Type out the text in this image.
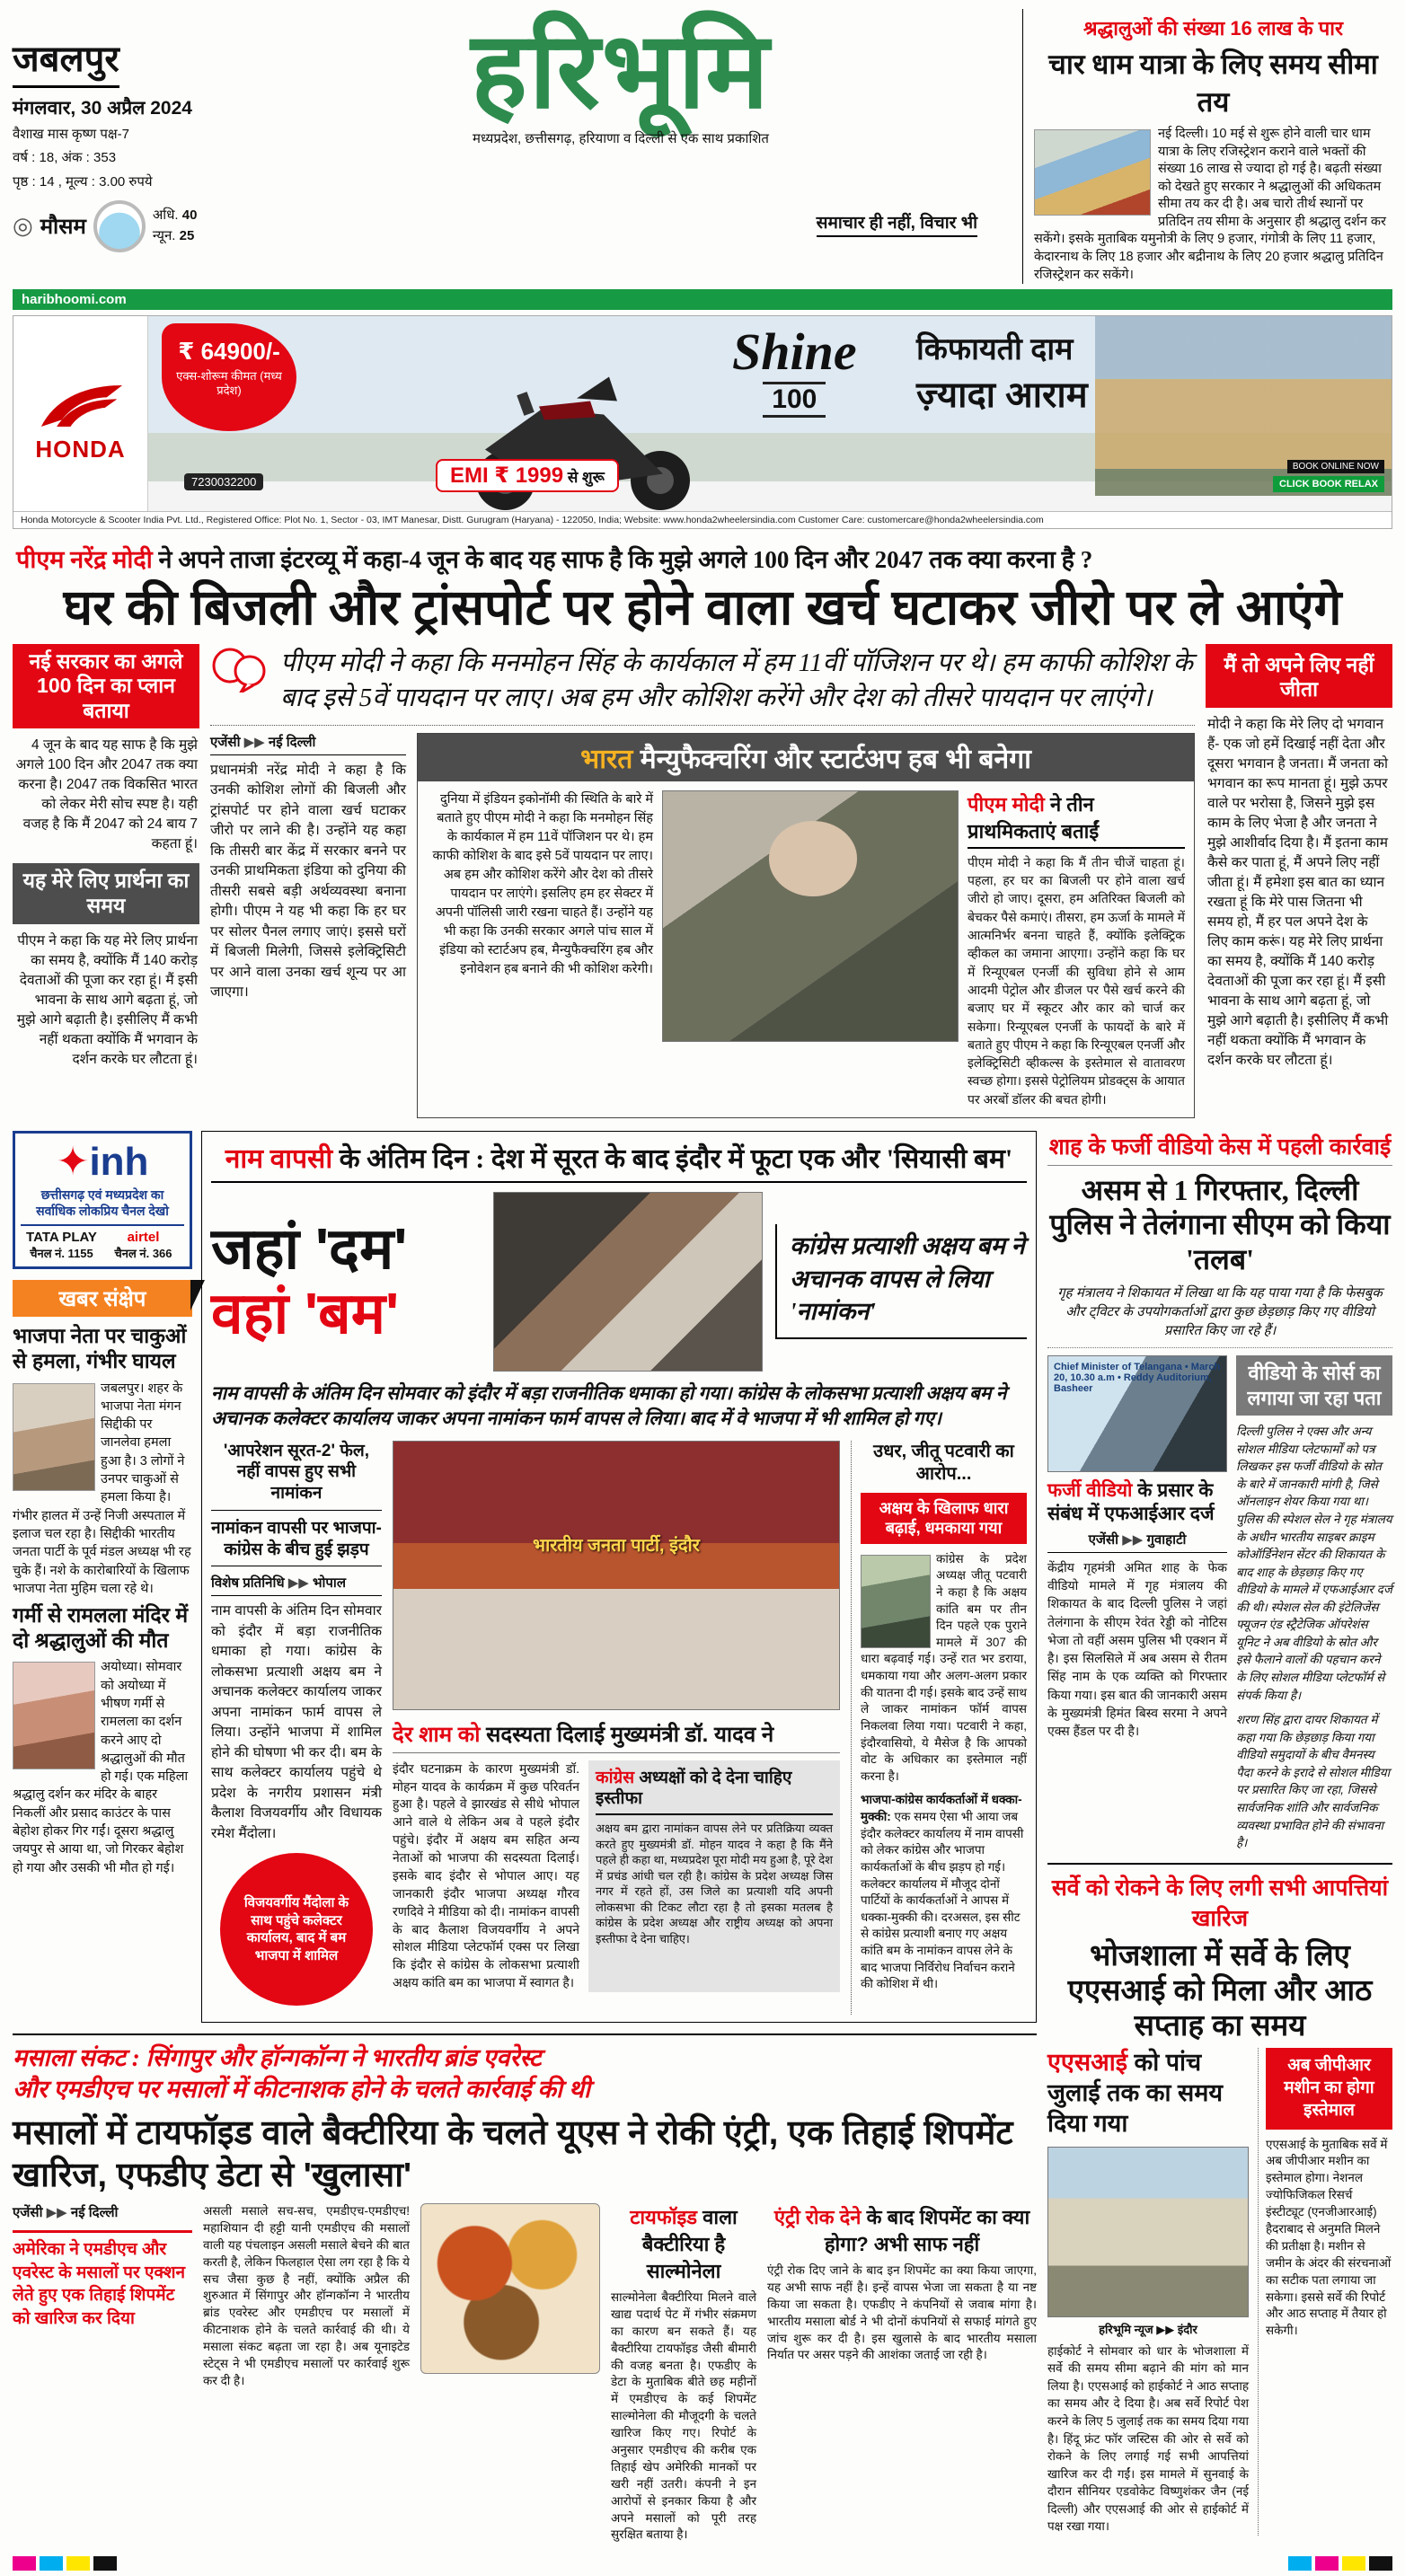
जबलपुर
मंगलवार, 30 अप्रैल 2024
वैशाख मास कृष्ण पक्ष-7
वर्ष : 18, अंक : 353
पृष्ठ : 14 , मूल्य : 3.00 रुपये
◎ मौसम	अधि. 40
न्यून. 25
हरिभूमि
समाचार ही नहीं, विचार भी
मध्यप्रदेश, छत्तीसगढ़, हरियाणा व दिल्ली से एक साथ प्रकाशित
श्रद्धालुओं की संख्या 16 लाख के पार
चार धाम यात्रा के लिए समय सीमा तय

नई दिल्ली। 10 मई से शुरू होने वाली चार धाम यात्रा के लिए रजिस्ट्रेशन कराने वाले भक्तों की संख्या 16 लाख से ज्यादा हो गई है। बढ़ती संख्या को देखते हुए सरकार ने श्रद्धालुओं की अधिकतम सीमा तय कर दी है। अब चारो तीर्थ स्थानों पर प्रतिदिन तय सीमा के अनुसार ही श्रद्धालु दर्शन कर सकेंगे। इसके मुताबिक यमुनोत्री के लिए 9 हजार, गंगोत्री के लिए 11 हजार, केदारनाथ के लिए 18 हजार और बद्रीनाथ के लिए 20 हजार श्रद्धालु प्रतिदिन रजिस्ट्रेशन कर सकेंगे।

haribhoomi.com
HONDA
₹ 64900/-
एक्स-शोरूम कीमत (मध्य प्रदेश)
Shine
100
किफायती दाम
ज़्यादा आराम
7230032200	EMI ₹ 1999 से शुरू
BOOK ONLINE NOW
CLICK BOOK RELAX
Honda Motorcycle & Scooter India Pvt. Ltd., Registered Office: Plot No. 1, Sector - 03, IMT Manesar, Distt. Gurugram (Haryana) - 122050, India; Website: www.honda2wheelersindia.com Customer Care: customercare@honda2wheelersindia.com
पीएम नरेंद्र मोदी ने अपने ताजा इंटरव्यू में कहा-4 जून के बाद यह साफ है कि मुझे अगले 100 दिन और 2047 तक क्या करना है ?
घर की बिजली और ट्रांसपोर्ट पर होने वाला खर्च घटाकर जीरो पर ले आएंगे
नई सरकार का अगले 100 दिन का प्लान बताया

4 जून के बाद यह साफ है कि मुझे अगले 100 दिन और 2047 तक क्या करना है। 2047 तक विकसित भारत को लेकर मेरी सोच स्पष्ट है। यही वजह है कि मैं 2047 को 24 बाय 7 कहता हूं।

यह मेरे लिए प्रार्थना का समय

पीएम ने कहा कि यह मेरे लिए प्रार्थना का समय है, क्योंकि मैं 140 करोड़ देवताओं की पूजा कर रहा हूं। मैं इसी भावना के साथ आगे बढ़ता हूं, जो मुझे आगे बढ़ाती है। इसीलिए मैं कभी नहीं थकता क्योंकि मैं भगवान के दर्शन करके घर लौटता हूं।

पीएम मोदी ने कहा कि मनमोहन सिंह के कार्यकाल में हम 11वीं पॉजिशन पर थे। हम काफी कोशिश के बाद इसे 5वें पायदान पर लाए। अब हम और कोशिश करेंगे और देश को तीसरे पायदान पर लाएंगे।
एजेंसी ▶▶ नई दिल्ली

प्रधानमंत्री नरेंद्र मोदी ने कहा है कि उनकी कोशिश लोगों की बिजली और ट्रांसपोर्ट पर होने वाला खर्च घटाकर जीरो पर लाने की है। उन्होंने यह कहा कि तीसरी बार केंद्र में सरकार बनने पर उनकी प्राथमिकता इंडिया को दुनिया की तीसरी सबसे बड़ी अर्थव्यवस्था बनाना होगी। पीएम ने यह भी कहा कि हर घर पर सोलर पैनल लगाए जाएं। इससे घरों में बिजली मिलेगी, जिससे इलेक्ट्रिसिटी पर आने वाला उनका खर्च शून्य पर आ जाएगा।

भारत मैन्युफैक्चरिंग और स्टार्टअप हब भी बनेगा

दुनिया में इंडियन इकोनॉमी की स्थिति के बारे में बताते हुए पीएम मोदी ने कहा कि मनमोहन सिंह के कार्यकाल में हम 11वें पॉजिशन पर थे। हम काफी कोशिश के बाद इसे 5वें पायदान पर लाए। अब हम और कोशिश करेंगे और देश को तीसरे पायदान पर लाएंगे। इसलिए हम हर सेक्टर में अपनी पॉलिसी जारी रखना चाहते हैं। उन्होंने यह भी कहा कि उनकी सरकार अगले पांच साल में इंडिया को स्टार्टअप हब, मैन्युफैक्चरिंग हब और इनोवेशन हब बनाने की भी कोशिश करेगी।

पीएम मोदी ने तीन प्राथमिकताएं बताईं

पीएम मोदी ने कहा कि मैं तीन चीजें चाहता हूं। पहला, हर घर का बिजली पर होने वाला खर्च जीरो हो जाए। दूसरा, हम अतिरिक्त बिजली को बेचकर पैसे कमाएं। तीसरा, हम ऊर्जा के मामले में आत्मनिर्भर बनना चाहते हैं, क्योंकि इलेक्ट्रिक व्हीकल का जमाना आएगा। उन्होंने कहा कि घर में रिन्यूएबल एनर्जी की सुविधा होने से आम आदमी पेट्रोल और डीजल पर पैसे खर्च करने की बजाए घर में स्कूटर और कार को चार्ज कर सकेगा। रिन्यूएबल एनर्जी के फायदों के बारे में बताते हुए पीएम ने कहा कि रिन्यूएबल एनर्जी और इलेक्ट्रिसिटी व्हीकल्स के इस्तेमाल से वातावरण स्वच्छ होगा। इससे पेट्रोलियम प्रोडक्ट्स के आयात पर अरबों डॉलर की बचत होगी।

मैं तो अपने लिए नहीं जीता

मोदी ने कहा कि मेरे लिए दो भगवान हैं- एक जो हमें दिखाई नहीं देता और दूसरा भगवान है जनता। मैं जनता को भगवान का रूप मानता हूं। मुझे ऊपर वाले पर भरोसा है, जिसने मुझे इस काम के लिए भेजा है और जनता ने मुझे आशीर्वाद दिया है। मैं इतना काम कैसे कर पाता हूं, मैं अपने लिए नहीं जीता हूं। मैं हमेशा इस बात का ध्यान रखता हूं कि मेरे पास जितना भी समय हो, मैं हर पल अपने देश के लिए काम करूं। यह मेरे लिए प्रार्थना का समय है, क्योंकि मैं 140 करोड़ देवताओं की पूजा कर रहा हूं। मैं इसी भावना के साथ आगे बढ़ता हूं, जो मुझे आगे बढ़ाती है। इसीलिए मैं कभी नहीं थकता क्योंकि मैं भगवान के दर्शन करके घर लौटता हूं।

✦inh
छत्तीसगढ़ एवं मध्यप्रदेश का सर्वाधिक लोकप्रिय चैनल देखो
TATA PLAY
चैनल नं. 1155
airtel
चैनल नं. 366
खबर संक्षेप
भाजपा नेता पर चाकुओं से हमला, गंभीर घायल

जबलपुर। शहर के भाजपा नेता मंगन सिद्दीकी पर जानलेवा हमला हुआ है। 3 लोगों ने उनपर चाकुओं से हमला किया है। गंभीर हालत में उन्हें निजी अस्पताल में इलाज चल रहा है। सिद्दीकी भारतीय जनता पार्टी के पूर्व मंडल अध्यक्ष भी रह चुके हैं। नशे के कारोबारियों के खिलाफ भाजपा नेता मुहिम चला रहे थे।

गर्मी से रामलला मंदिर में दो श्रद्धालुओं की मौत

अयोध्या। सोमवार को अयोध्या में भीषण गर्मी से रामलला का दर्शन करने आए दो श्रद्धालुओं की मौत हो गई। एक महिला श्रद्धालु दर्शन कर मंदिर के बाहर निकलीं और प्रसाद काउंटर के पास बेहोश होकर गिर गईं। दूसरा श्रद्धालु जयपुर से आया था, जो गिरकर बेहोश हो गया और उसकी भी मौत हो गई।

नाम वापसी के अंतिम दिन : देश में सूरत के बाद इंदौर में फूटा एक और 'सियासी बम'
जहां 'दम'
वहां 'बम'
कांग्रेस प्रत्याशी अक्षय बम ने अचानक वापस ले लिया 'नामांकन'

नाम वापसी के अंतिम दिन सोमवार को इंदौर में बड़ा राजनीतिक धमाका हो गया। कांग्रेस के लोकसभा प्रत्याशी अक्षय बम ने अचानक कलेक्टर कार्यालय जाकर अपना नामांकन फार्म वापस ले लिया। बाद में वे भाजपा में भी शामिल हो गए।

'आपरेशन सूरत-2' फेल, नहीं वापस हुए सभी नामांकन
नामांकन वापसी पर भाजपा-कांग्रेस के बीच हुई झड़प
विशेष प्रतिनिधि ▶▶ भोपाल

नाम वापसी के अंतिम दिन सोमवार को इंदौर में बड़ा राजनीतिक धमाका हो गया। कांग्रेस के लोकसभा प्रत्याशी अक्षय बम ने अचानक कलेक्टर कार्यालय जाकर अपना नामांकन फार्म वापस ले लिया। उन्होंने भाजपा में शामिल होने की घोषणा भी कर दी। बम के साथ कलेक्टर कार्यालय पहुंचे थे प्रदेश के नगरीय प्रशासन मंत्री कैलाश विजयवर्गीय और विधायक रमेश मैंदोला।

विजयवर्गीय मैंदोला के साथ पहुंचे कलेक्टर कार्यालय, बाद में बम भाजपा में शामिल
भारतीय जनता पार्टी, इंदौर
देर शाम को सदस्यता दिलाई मुख्यमंत्री डॉ. यादव ने

इंदौर घटनाक्रम के कारण मुख्यमंत्री डॉ. मोहन यादव के कार्यक्रम में कुछ परिवर्तन हुआ है। पहले वे झारखंड से सीधे भोपाल आने वाले थे लेकिन अब वे पहले इंदौर पहुंचे। इंदौर में अक्षय बम सहित अन्य नेताओं को भाजपा की सदस्यता दिलाई। इसके बाद इंदौर से भोपाल आए। यह जानकारी इंदौर भाजपा अध्यक्ष गौरव रणदिवे ने मीडिया को दी। नामांकन वापसी के बाद कैलाश विजयवर्गीय ने अपने सोशल मीडिया प्लेटफॉर्म एक्स पर लिखा कि इंदौर से कांग्रेस के लोकसभा प्रत्याशी अक्षय कांति बम का भाजपा में स्वागत है।

कांग्रेस अध्यक्षों को दे देना चाहिए इस्तीफा

अक्षय बम द्वारा नामांकन वापस लेने पर प्रतिक्रिया व्यक्त करते हुए मुख्यमंत्री डॉ. मोहन यादव ने कहा है कि मैंने पहले ही कहा था, मध्यप्रदेश पूरा मोदी मय हुआ है, पूरे देश में प्रचंड आंधी चल रही है। कांग्रेस के प्रदेश अध्यक्ष जिस नगर में रहते हों, उस जिले का प्रत्याशी यदि अपनी लोकसभा की टिकट लौटा रहा है तो इसका मतलब है कांग्रेस के प्रदेश अध्यक्ष और राष्ट्रीय अध्यक्ष को अपना इस्तीफा दे देना चाहिए।

उधर, जीतू पटवारी का आरोप...
अक्षय के खिलाफ धारा बढ़ाई, धमकाया गया

कांग्रेस के प्रदेश अध्यक्ष जीतू पटवारी ने कहा है कि अक्षय कांति बम पर तीन दिन पहले एक पुराने मामले में 307 की धारा बढ़वाई गई। उन्हें रात भर डराया, धमकाया गया और अलग-अलग प्रकार की यातना दी गई। इसके बाद उन्हें साथ ले जाकर नामांकन फॉर्म वापस निकलवा लिया गया। पटवारी ने कहा, इंदौरवासियो, ये मैसेज है कि आपको वोट के अधिकार का इस्तेमाल नहीं करना है।

भाजपा-कांग्रेस कार्यकर्ताओं में धक्का-मुक्की: एक समय ऐसा भी आया जब इंदौर कलेक्टर कार्यालय में नाम वापसी को लेकर कांग्रेस और भाजपा कार्यकर्ताओं के बीच झड़प हो गई। कलेक्टर कार्यालय में मौजूद दोनों पार्टियों के कार्यकर्ताओं ने आपस में धक्का-मुक्की की। दरअसल, इस सीट से कांग्रेस प्रत्याशी बनाए गए अक्षय कांति बम के नामांकन वापस लेने के बाद भाजपा निर्विरोध निर्वाचन कराने की कोशिश में थी।

मसाला संकट : सिंगापुर और हॉन्गकॉन्ग ने भारतीय ब्रांड एवरेस्ट
और एमडीएच पर मसालों में कीटनाशक होने के चलते कार्रवाई की थी
मसालों में टायफॉइड वाले बैक्टीरिया के चलते यूएस ने रोकी एंट्री, एक तिहाई शिपमेंट खारिज, एफडीए डेटा से 'खुलासा'
एजेंसी ▶▶ नई दिल्ली

अमेरिका ने एमडीएच और एवरेस्ट के मसालों पर एक्शन लेते हुए एक तिहाई शिपमेंट को खारिज कर दिया

असली मसाले सच-सच, एमडीएच-एमडीएच! महाशियान दी हट्टी यानी एमडीएच की मसालों वाली यह पंचलाइन असली मसाले बेचने की बात करती है, लेकिन फिलहाल ऐसा लग रहा है कि ये सच जैसा कुछ है नहीं, क्योंकि अप्रैल की शुरुआत में सिंगापुर और हॉन्गकॉन्ग ने भारतीय ब्रांड एवरेस्ट और एमडीएच पर मसालों में कीटनाशक होने के चलते कार्रवाई की थी। ये मसाला संकट बढ़ता जा रहा है। अब यूनाइटेड स्टेट्स ने भी एमडीएच मसालों पर कार्रवाई शुरू कर दी है।

टायफॉइड वाला बैक्टीरिया है साल्मोनेला

साल्मोनेला बैक्टीरिया मिलने वाले खाद्य पदार्थ पेट में गंभीर संक्रमण का कारण बन सकते हैं। यह बैक्टीरिया टायफॉइड जैसी बीमारी की वजह बनता है। एफडीए के डेटा के मुताबिक बीते छह महीनों में एमडीएच के कई शिपमेंट साल्मोनेला की मौजूदगी के चलते खारिज किए गए। रिपोर्ट के अनुसार एमडीएच की करीब एक तिहाई खेप अमेरिकी मानकों पर खरी नहीं उतरी। कंपनी ने इन आरोपों से इनकार किया है और अपने मसालों को पूरी तरह सुरक्षित बताया है।

एंट्री रोक देने के बाद शिपमेंट का क्या होगा? अभी साफ नहीं

एंट्री रोक दिए जाने के बाद इन शिपमेंट का क्या किया जाएगा, यह अभी साफ नहीं है। इन्हें वापस भेजा जा सकता है या नष्ट किया जा सकता है। एफडीए ने कंपनियों से जवाब मांगा है। भारतीय मसाला बोर्ड ने भी दोनों कंपनियों से सफाई मांगते हुए जांच शुरू कर दी है। इस खुलासे के बाद भारतीय मसाला निर्यात पर असर पड़ने की आशंका जताई जा रही है।

शाह के फर्जी वीडियो केस में पहली कार्रवाई
असम से 1 गिरफ्तार, दिल्ली पुलिस ने तेलंगाना सीएम को किया 'तलब'

गृह मंत्रालय ने शिकायत में लिखा था कि यह पाया गया है कि फेसबुक और ट्विटर के उपयोगकर्ताओं द्वारा कुछ छेड़छाड़ किए गए वीडियो प्रसारित किए जा रहे हैं।

Chief Minister of Telangana • March 20, 10.30 a.m • Reddy Auditorium, Basheer
फर्जी वीडियो के प्रसार के संबंध में एफआईआर दर्ज
एजेंसी ▶▶ गुवाहाटी

केंद्रीय गृहमंत्री अमित शाह के फेक वीडियो मामले में गृह मंत्रालय की शिकायत के बाद दिल्ली पुलिस ने जहां तेलंगाना के सीएम रेवंत रेड्डी को नोटिस भेजा तो वहीं असम पुलिस भी एक्शन में है। इस सिलसिले में अब असम से रीतम सिंह नाम के एक व्यक्ति को गिरफ्तार किया गया। इस बात की जानकारी असम के मुख्यमंत्री हिमंत बिस्व सरमा ने अपने एक्स हैंडल पर दी है।

वीडियो के सोर्स का लगाया जा रहा पता

दिल्ली पुलिस ने एक्स और अन्य सोशल मीडिया प्लेटफार्मों को पत्र लिखकर इस फर्जी वीडियो के स्रोत के बारे में जानकारी मांगी है, जिसे ऑनलाइन शेयर किया गया था। पुलिस की स्पेशल सेल ने गृह मंत्रालय के अधीन भारतीय साइबर क्राइम कोऑर्डिनेशन सेंटर की शिकायत के बाद शाह के छेड़छाड़ किए गए वीडियो के मामले में एफआईआर दर्ज की थी। स्पेशल सेल की इंटेलिजेंस फ्यूजन एंड स्ट्रैटेजिक ऑपरेशंस यूनिट ने अब वीडियो के स्रोत और इसे फैलाने वालों की पहचान करने के लिए सोशल मीडिया प्लेटफॉर्म से संपर्क किया है।

शरण सिंह द्वारा दायर शिकायत में कहा गया कि छेड़छाड़ किया गया वीडियो समुदायों के बीच वैमनस्य पैदा करने के इरादे से सोशल मीडिया पर प्रसारित किए जा रहा, जिससे सार्वजनिक शांति और सार्वजनिक व्यवस्था प्रभावित होने की संभावना है।

सर्वे को रोकने के लिए लगी सभी आपत्तियां खारिज
भोजशाला में सर्वे के लिए एएसआई को मिला और आठ सप्ताह का समय
एएसआई को पांच जुलाई तक का समय दिया गया
हरिभूमि न्यूज ▶▶ इंदौर

हाईकोर्ट ने सोमवार को धार के भोजशाला में सर्वे की समय सीमा बढ़ाने की मांग को मान लिया है। एएसआई को हाईकोर्ट ने आठ सप्ताह का समय और दे दिया है। अब सर्वे रिपोर्ट पेश करने के लिए 5 जुलाई तक का समय दिया गया है। हिंदू फ्रंट फॉर जस्टिस की ओर से सर्वे को रोकने के लिए लगाई गई सभी आपत्तियां खारिज कर दी गईं। इस मामले में सुनवाई के दौरान सीनियर एडवोकेट विष्णुशंकर जैन (नई दिल्ली) और एएसआई की ओर से हाईकोर्ट में पक्ष रखा गया।

अब जीपीआर मशीन का होगा इस्तेमाल

एएसआई के मुताबिक सर्वे में अब जीपीआर मशीन का इस्तेमाल होगा। नेशनल ज्योफिजिकल रिसर्च इंस्टीट्यूट (एनजीआरआई) हैदराबाद से अनुमति मिलने की प्रतीक्षा है। मशीन से जमीन के अंदर की संरचनाओं का सटीक पता लगाया जा सकेगा। इससे सर्वे की रिपोर्ट और आठ सप्ताह में तैयार हो सकेगी।
